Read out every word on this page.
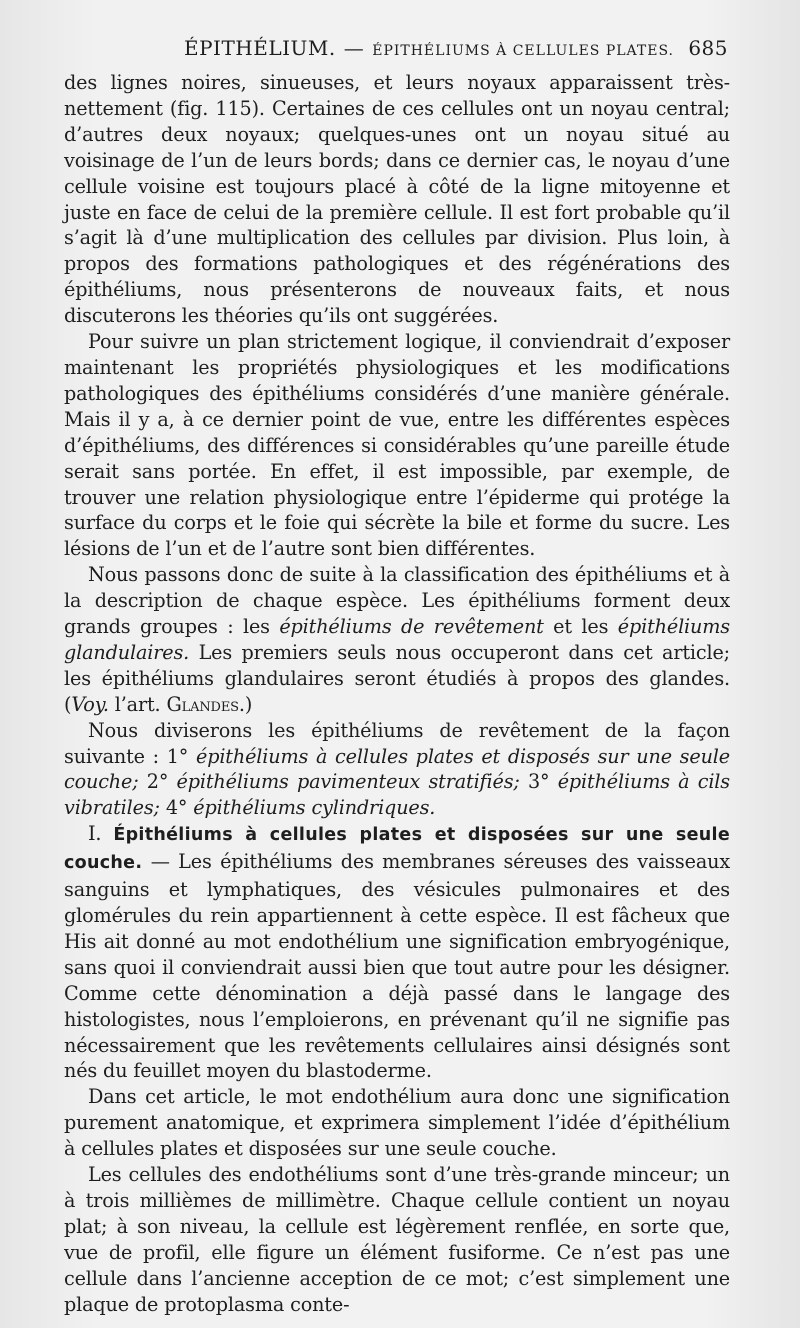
ÉPITHÉLIUM. — ÉPITHÉLIUMS À CELLULES PLATES. 685

des lignes noires, sinueuses, et leurs noyaux apparaissent très-nettement (fig. 115). Certaines de ces cellules ont un noyau central; d’autres deux noyaux; quelques-unes ont un noyau situé au voisinage de l’un de leurs bords; dans ce dernier cas, le noyau d’une cellule voisine est toujours placé à côté de la ligne mitoyenne et juste en face de celui de la première cellule. Il est fort probable qu’il s’agit là d’une multiplication des cellules par division. Plus loin, à propos des formations pathologiques et des régénérations des épithéliums, nous présenterons de nouveaux faits, et nous discuterons les théories qu’ils ont suggérées.

Pour suivre un plan strictement logique, il conviendrait d’exposer maintenant les propriétés physiologiques et les modifications pathologiques des épithéliums considérés d’une manière générale. Mais il y a, à ce dernier point de vue, entre les différentes espèces d’épithéliums, des différences si considérables qu’une pareille étude serait sans portée. En effet, il est impossible, par exemple, de trouver une relation physiologique entre l’épiderme qui protége la surface du corps et le foie qui sécrète la bile et forme du sucre. Les lésions de l’un et de l’autre sont bien différentes.

Nous passons donc de suite à la classification des épithéliums et à la description de chaque espèce. Les épithéliums forment deux grands groupes : les épithéliums de revêtement et les épithéliums glandulaires. Les premiers seuls nous occuperont dans cet article; les épithéliums glandulaires seront étudiés à propos des glandes. (Voy. l’art. Glandes.)

Nous diviserons les épithéliums de revêtement de la façon suivante : 1° épithéliums à cellules plates et disposés sur une seule couche; 2° épithéliums pavimenteux stratifiés; 3° épithéliums à cils vibratiles; 4° épithéliums cylindriques.

I. Épithéliums à cellules plates et disposées sur une seule couche. — Les épithéliums des membranes séreuses des vaisseaux sanguins et lymphatiques, des vésicules pulmonaires et des glomérules du rein appartiennent à cette espèce. Il est fâcheux que His ait donné au mot endothélium une signification embryogénique, sans quoi il conviendrait aussi bien que tout autre pour les désigner. Comme cette dénomination a déjà passé dans le langage des histologistes, nous l’emploierons, en prévenant qu’il ne signifie pas nécessairement que les revêtements cellulaires ainsi désignés sont nés du feuillet moyen du blastoderme.

Dans cet article, le mot endothélium aura donc une signification purement anatomique, et exprimera simplement l’idée d’épithélium à cellules plates et disposées sur une seule couche.

Les cellules des endothéliums sont d’une très-grande minceur; un à trois millièmes de millimètre. Chaque cellule contient un noyau plat; à son niveau, la cellule est légèrement renflée, en sorte que, vue de profil, elle figure un élément fusiforme. Ce n’est pas une cellule dans l’ancienne acception de ce mot; c’est simplement une plaque de protoplasma conte-
